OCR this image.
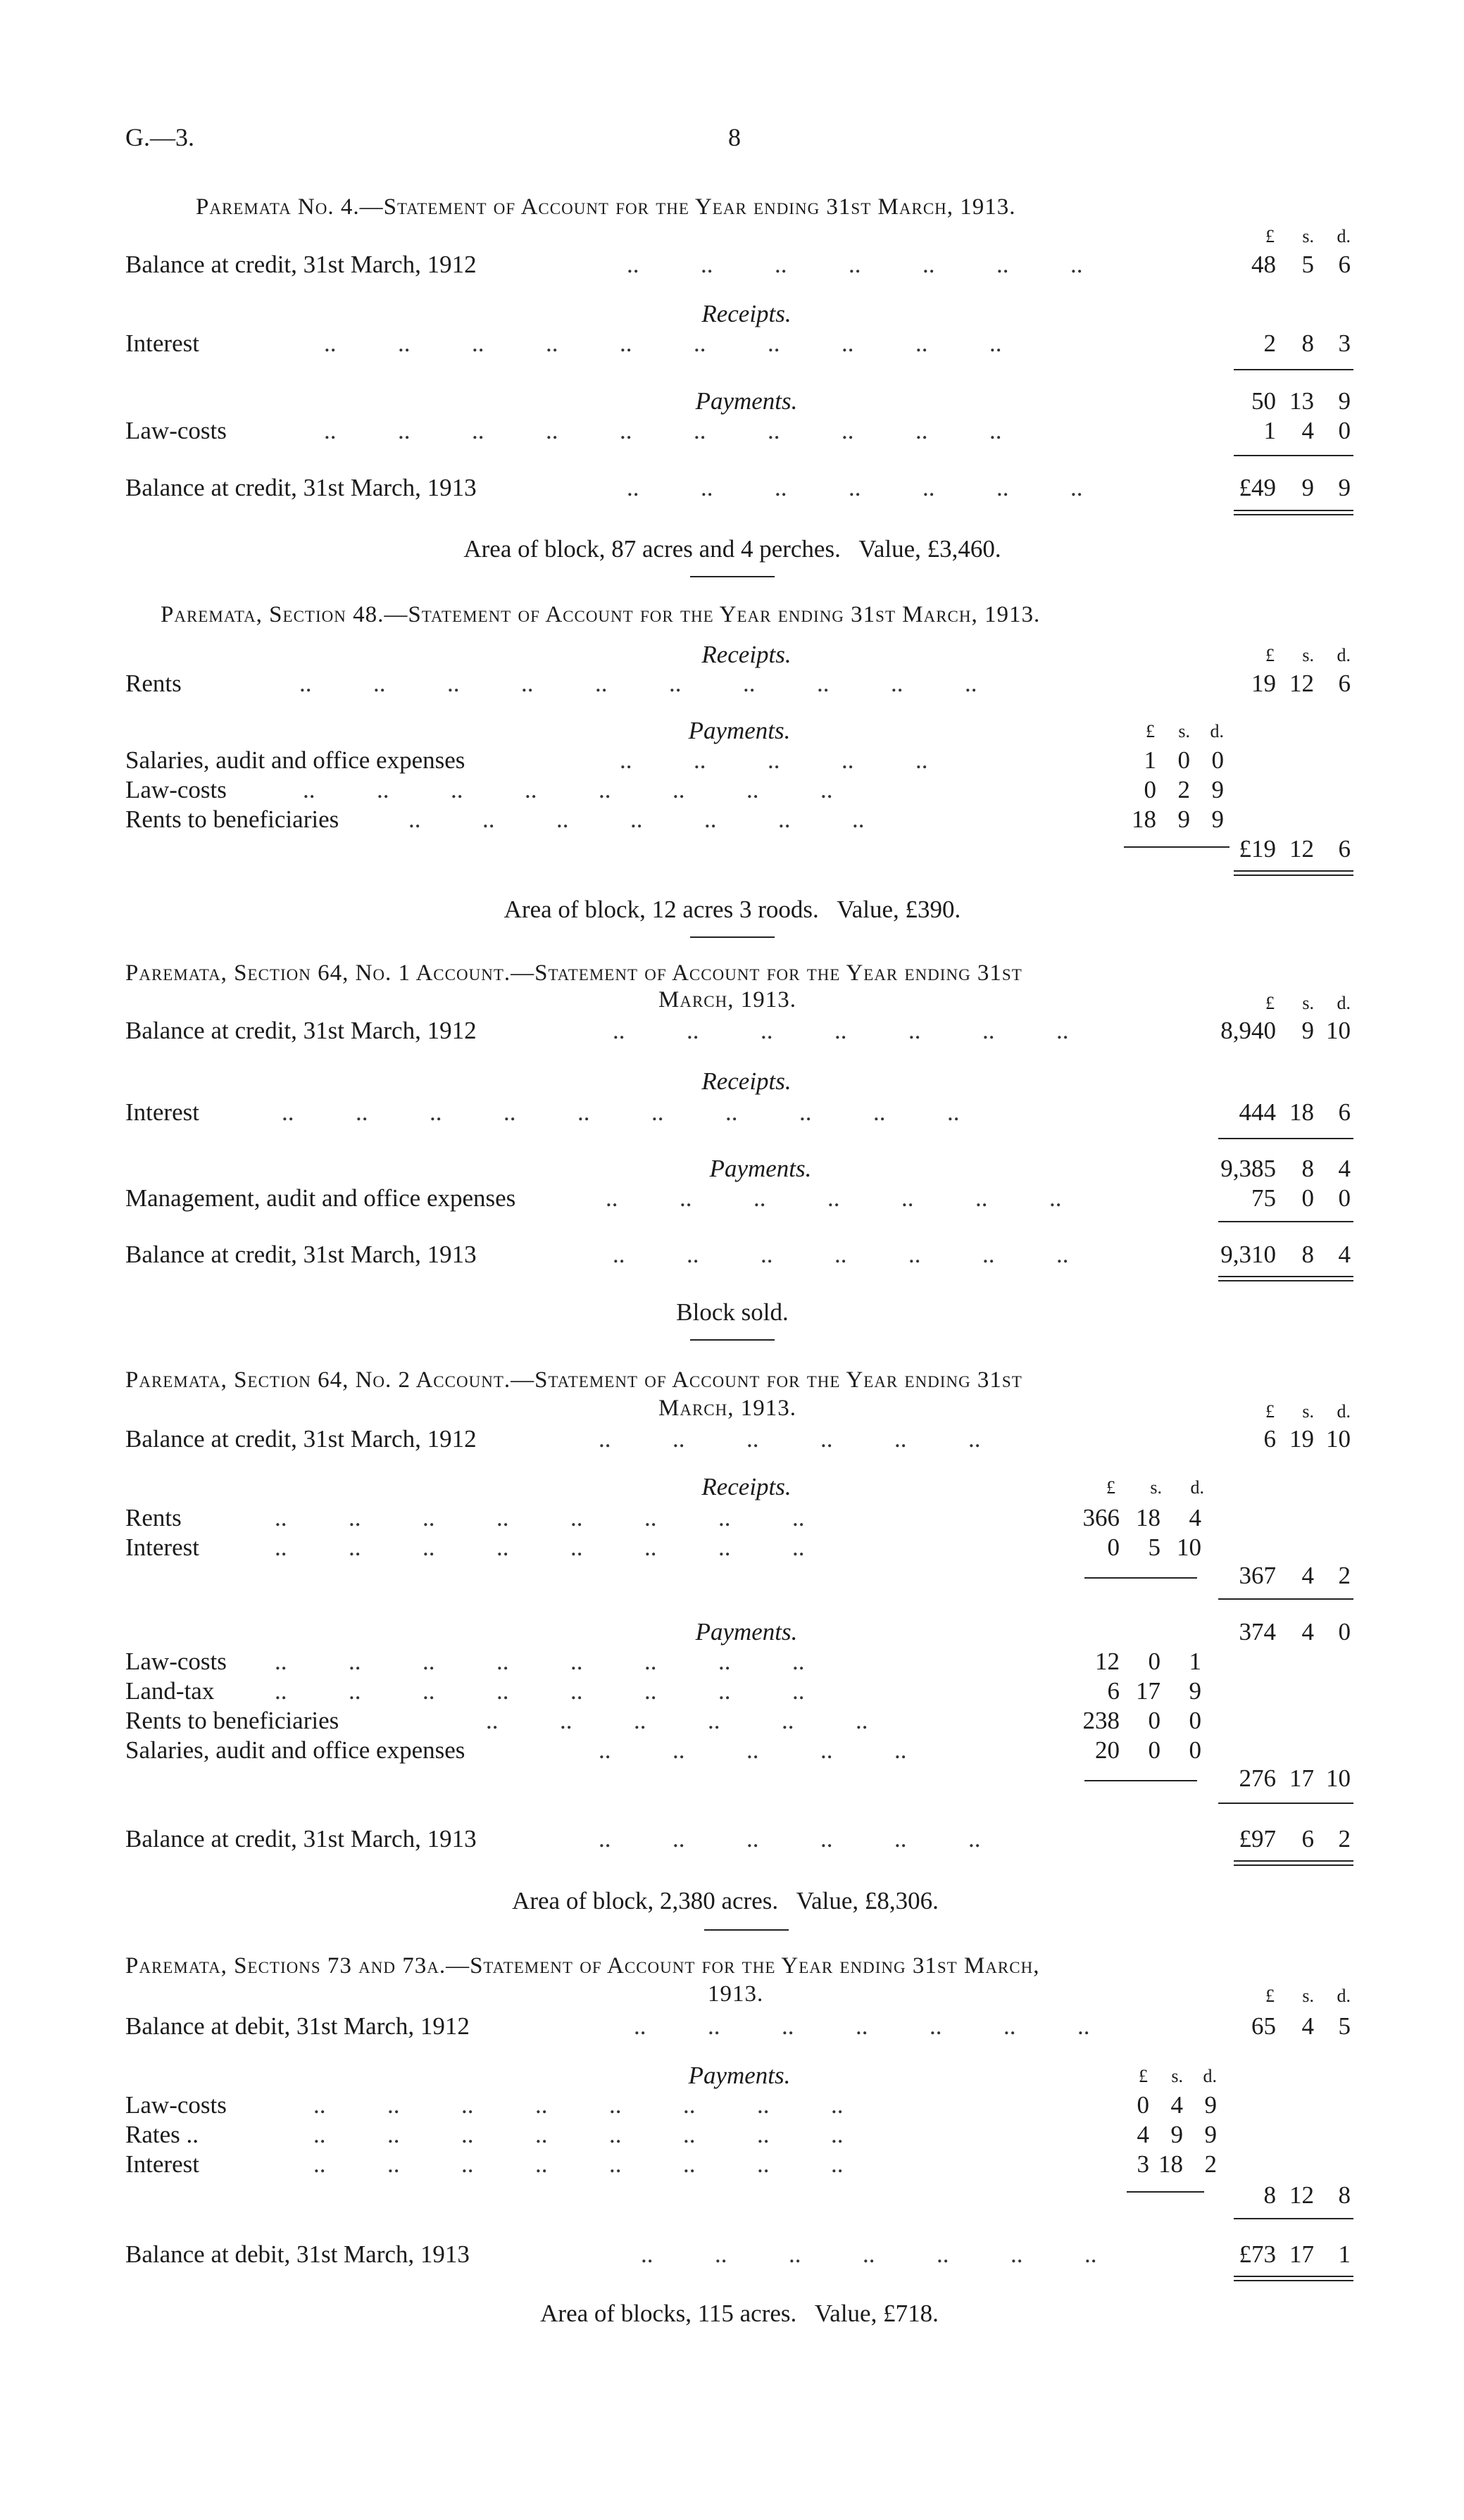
G.—3.	8
Paremata No. 4.—Statement of Account for the Year ending 31st March, 1913.
£	s.	d.
Balance at credit, 31st March, 1912	..          ..          ..          ..          ..          ..          ..	48	5 6
Receipts.
Interest	..          ..          ..          ..          ..          ..          ..          ..          ..          ..	2	8 3
Payments.	50 13 9
Law-costs	..          ..          ..          ..          ..          ..          ..          ..          ..          ..	1	4 0
Balance at credit, 31st March, 1913	..          ..          ..          ..          ..          ..          ..	£49	9 9
Area of block, 87 acres and 4 perches.   Value, £3,460.
Paremata, Section 48.—Statement of Account for the Year ending 31st March, 1913.
Receipts.	£	s.	d.
Rents	..          ..          ..          ..          ..          ..          ..          ..          ..          ..	19 12 6
Payments.	£	s.	d.
Salaries, audit and office expenses	..          ..          ..          ..          ..	1 0 0
Law-costs	..          ..          ..          ..          ..          ..          ..          ..	0 2 9
Rents to beneficiaries	..          ..          ..          ..          ..          ..          ..	18 9 9
£19 12 6
Area of block, 12 acres 3 roods.   Value, £390.
Paremata, Section 64, No. 1 Account.—Statement of Account for the Year ending 31st
March, 1913.	£	s.	d.
Balance at credit, 31st March, 1912	..          ..          ..          ..          ..          ..          ..	8,940	9 10
Receipts.
Interest	..          ..          ..          ..          ..          ..          ..          ..          ..          ..	444 18 6
Payments.	9,385	8 4
Management, audit and office expenses	..          ..          ..          ..          ..          ..          ..	75	0 0
Balance at credit, 31st March, 1913	..          ..          ..          ..          ..          ..          ..	9,310	8 4
Block sold.
Paremata, Section 64, No. 2 Account.—Statement of Account for the Year ending 31st
March, 1913.	£	s.	d.
Balance at credit, 31st March, 1912	..          ..          ..          ..          ..          ..	6 19 10
Receipts.	£	s.	d.
Rents	..          ..          ..          ..          ..          ..          ..          ..	366 18	4
Interest	..          ..          ..          ..          ..          ..          ..          ..	0	5 10
367	4 2
Payments.	374	4 0
Law-costs ..          ..          ..          ..          ..          ..          ..          ..	12	0	1
Land-tax ..          ..          ..          ..          ..          ..          ..          ..	6 17	9
Rents to beneficiaries	..          ..          ..          ..          ..          ..	238	0	0
Salaries, audit and office expenses	..          ..          ..          ..          ..	20	0	0
276 17 10
Balance at credit, 31st March, 1913	..          ..          ..          ..          ..          ..	£97	6 2
Area of block, 2,380 acres.   Value, £8,306.
Paremata, Sections 73 and 73a.—Statement of Account for the Year ending 31st March,
1913.	£	s.	d.
Balance at debit, 31st March, 1912	..          ..          ..          ..          ..          ..          ..	65	4 5
Payments.	£	s.	d.
Law-costs	..          ..          ..          ..          ..          ..          ..          ..	0 4 9
Rates ..	..          ..          ..          ..          ..          ..          ..          ..	4 9 9
Interest	..          ..          ..          ..          ..          ..          ..          ..	3 18 2
8 12 8
Balance at debit, 31st March, 1913	..          ..          ..          ..          ..          ..          ..	£73 17 1
Area of blocks, 115 acres.   Value, £718.
